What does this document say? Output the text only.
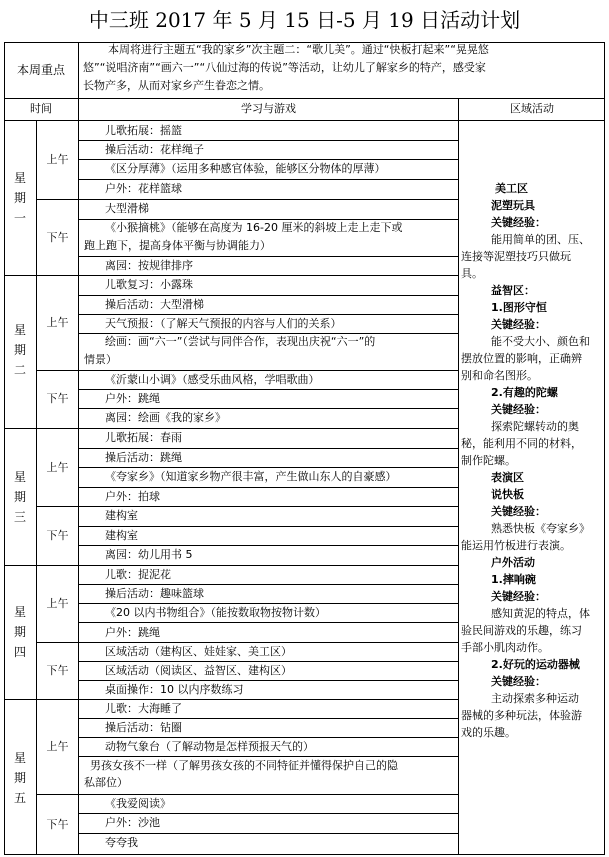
中三班 2017 年 5 月 15 日-5 月 19 日活动计划
本周重点
本周将进行主题五“我的家乡”次主题二：“歌儿美”。通过“快板打起来”“晃晃悠
悠”“说唱济南”“画六一”“八仙过海的传说”等活动，让幼儿了解家乡的特产，感受家
长物产多，从而对家乡产生眷恋之情。
时间	学习与游戏	区域活动
星
期
一
星
期
二
星
期
三
星
期
四
星
期
五
上午
下午
上午
下午
上午
下午
上午
下午
上午
下午
儿歌拓展：摇篮
操后活动：花样绳子
《区分厚薄》（运用多种感官体验，能够区分物体的厚薄）
户外：花样篮球
大型滑梯
《小猴摘桃》（能够在高度为 16-20 厘米的斜坡上走上走下或
跑上跑下，提高身体平衡与协调能力）
离园：按规律排序
儿歌复习：小露珠
操后活动：大型滑梯
天气预报：（了解天气预报的内容与人们的关系）
绘画：画“六一”（尝试与同伴合作，表现出庆祝“六一”的
情景）
《沂蒙山小调》（感受乐曲风格，学唱歌曲）
户外：跳绳
离园：绘画《我的家乡》
儿歌拓展：春雨
操后活动：跳绳
《夸家乡》（知道家乡物产很丰富，产生做山东人的自豪感）
户外：拍球
建构室
建构室
离园：幼儿用书 5
儿歌：捉泥花
操后活动：趣味篮球
《20 以内书物组合》（能按数取物按物计数）
户外：跳绳
区域活动（建构区、娃娃家、美工区）
区域活动（阅读区、益智区、建构区）
桌面操作：10 以内序数练习
儿歌：大海睡了
操后活动：钻圈
动物气象台（了解动物是怎样预报天气的）
男孩女孩不一样（了解男孩女孩的不同特征并懂得保护自己的隐
私部位）
《我爱阅读》
户外：沙池
夸夸我
美工区
泥塑玩具
关键经验：
能用简单的团、压、
连接等泥塑技巧只做玩
具。
益智区：
1.图形守恒
关键经验：
能不受大小、颜色和
摆放位置的影响，正确辨
别和命名图形。
2.有趣的陀螺
关键经验：
探索陀螺转动的奥
秘，能利用不同的材料，
制作陀螺。
表演区
说快板
关键经验：
熟悉快板《夸家乡》
能运用竹板进行表演。
户外活动
1.摔响碗
关键经验：
感知黄泥的特点，体
验民间游戏的乐趣，练习
手部小肌肉动作。
2.好玩的运动器械
关键经验：
主动探索多种运动
器械的多种玩法，体验游
戏的乐趣。
